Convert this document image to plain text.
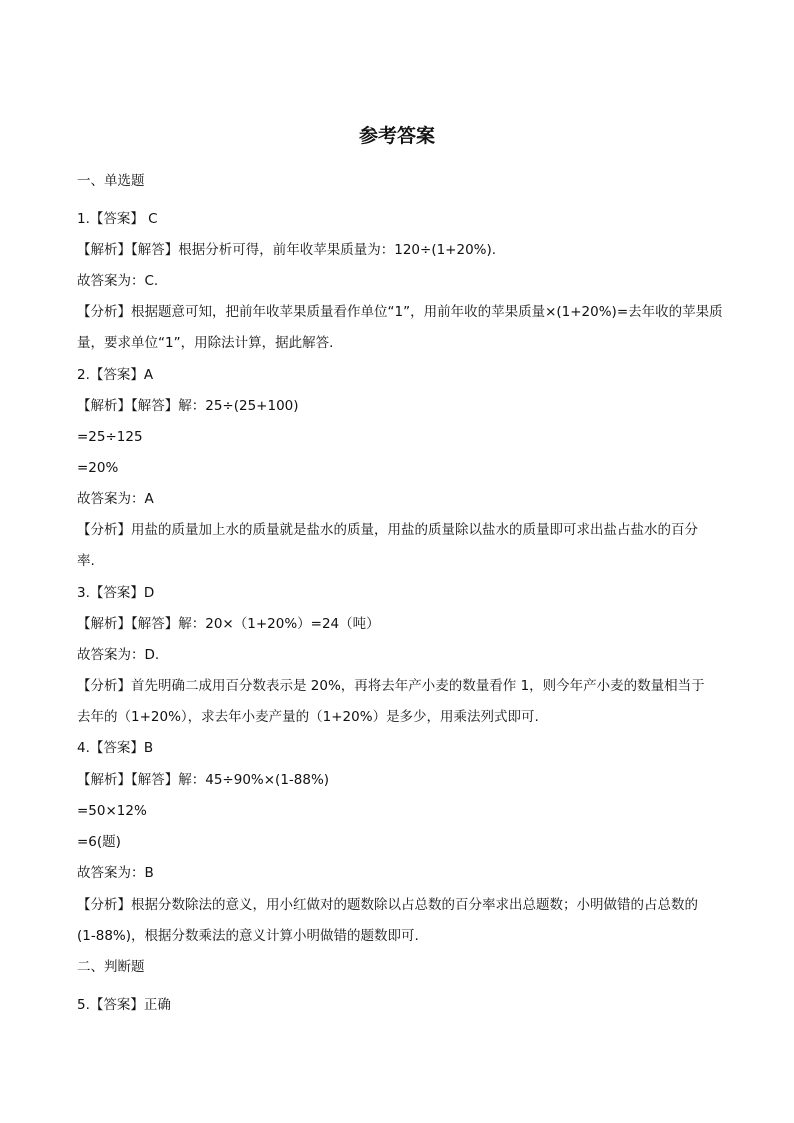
参考答案
一、单选题
1.【答案】 C
【解析】【解答】根据分析可得，前年收苹果质量为：120÷(1+20%).
故答案为：C.
【分析】根据题意可知，把前年收苹果质量看作单位“1”，用前年收的苹果质量×(1+20%)=去年收的苹果质
量，要求单位“1”，用除法计算，据此解答.
2.【答案】A
【解析】【解答】解：25÷(25+100)
=25÷125
=20%
故答案为：A
【分析】用盐的质量加上水的质量就是盐水的质量，用盐的质量除以盐水的质量即可求出盐占盐水的百分
率.
3.【答案】D
【解析】【解答】解：20×（1+20%）=24（吨）
故答案为：D.
【分析】首先明确二成用百分数表示是 20%，再将去年产小麦的数量看作 1，则今年产小麦的数量相当于
去年的（1+20%），求去年小麦产量的（1+20%）是多少，用乘法列式即可.
4.【答案】B
【解析】【解答】解：45÷90%×(1-88%)
=50×12%
=6(题)
故答案为：B
【分析】根据分数除法的意义，用小红做对的题数除以占总数的百分率求出总题数；小明做错的占总数的
(1-88%)，根据分数乘法的意义计算小明做错的题数即可.
二、判断题
5.【答案】正确
